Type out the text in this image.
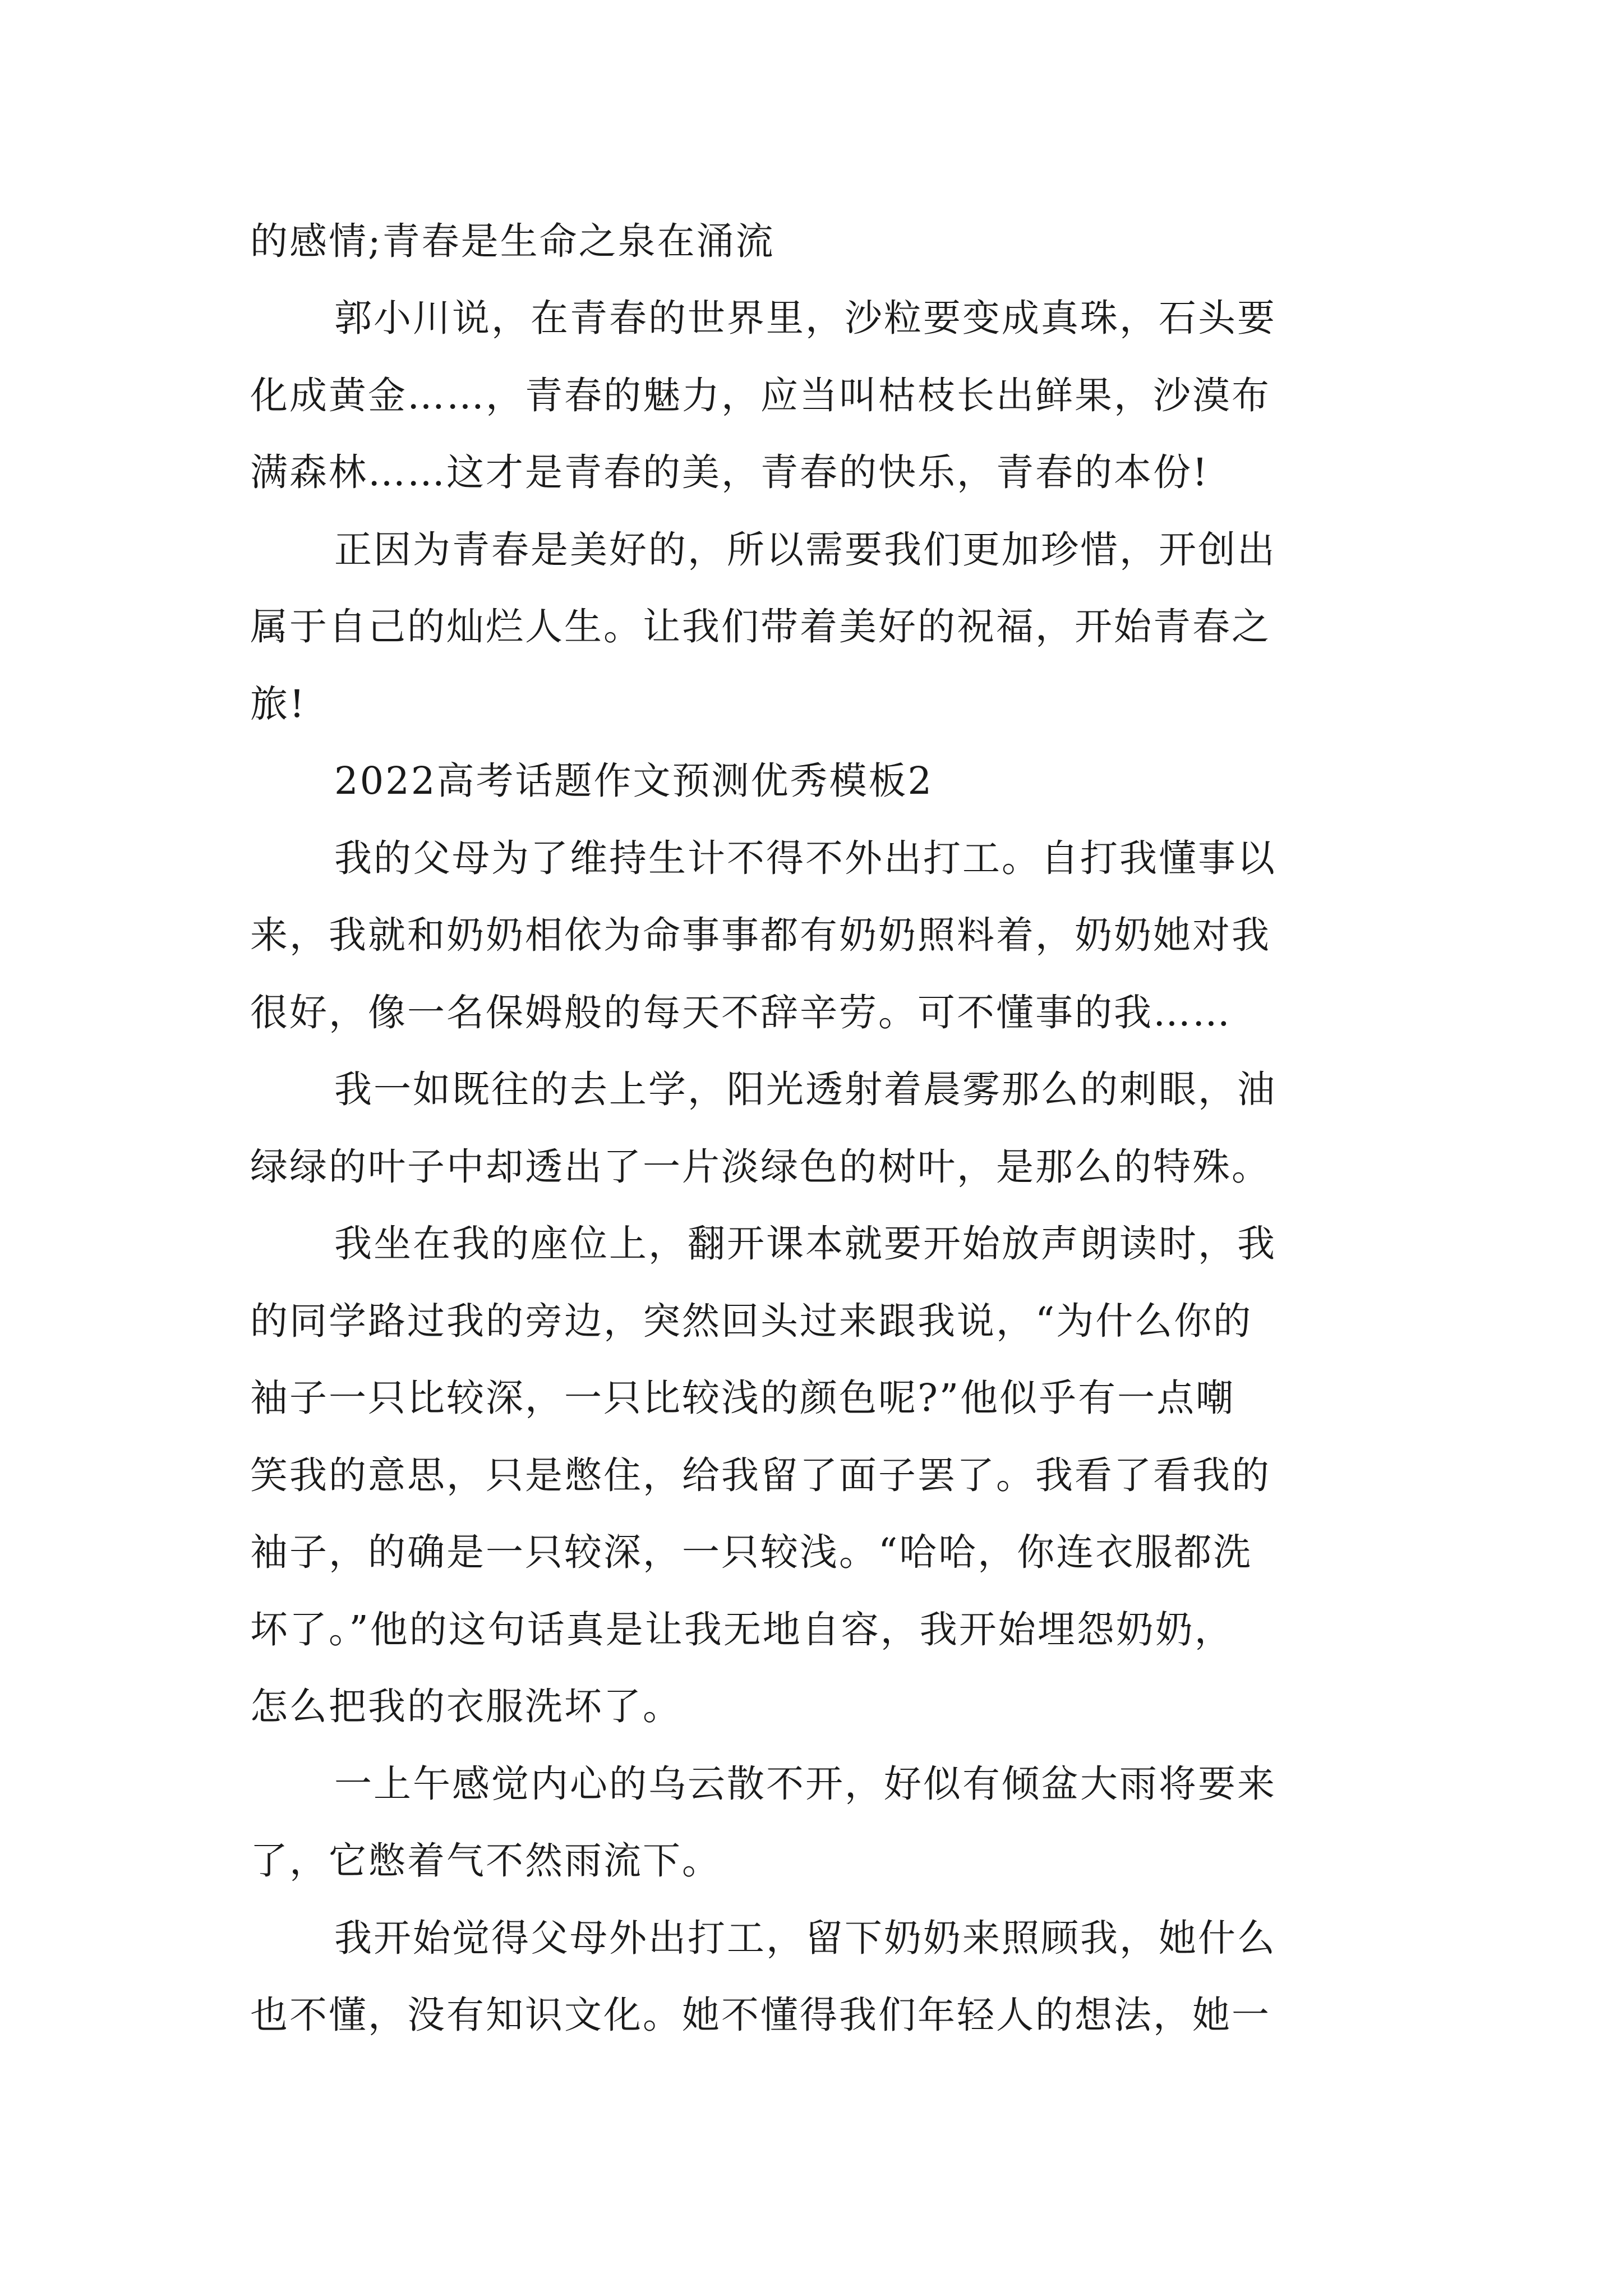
的感情;青春是生命之泉在涌流
郭小川说，在青春的世界里，沙粒要变成真珠，石头要
化成黄金……，青春的魅力，应当叫枯枝长出鲜果，沙漠布
满森林……这才是青春的美，青春的快乐，青春的本份!
正因为青春是美好的，所以需要我们更加珍惜，开创出
属于自己的灿烂人生。让我们带着美好的祝福，开始青春之
旅!
2022高考话题作文预测优秀模板2
我的父母为了维持生计不得不外出打工。自打我懂事以
来，我就和奶奶相依为命事事都有奶奶照料着，奶奶她对我
很好，像一名保姆般的每天不辞辛劳。可不懂事的我……
我一如既往的去上学，阳光透射着晨雾那么的刺眼，油
绿绿的叶子中却透出了一片淡绿色的树叶，是那么的特殊。
我坐在我的座位上，翻开课本就要开始放声朗读时，我
的同学路过我的旁边，突然回头过来跟我说，“为什么你的
袖子一只比较深，一只比较浅的颜色呢?”他似乎有一点嘲
笑我的意思，只是憋住，给我留了面子罢了。我看了看我的
袖子，的确是一只较深，一只较浅。“哈哈，你连衣服都洗
坏了。”他的这句话真是让我无地自容，我开始埋怨奶奶，
怎么把我的衣服洗坏了。
一上午感觉内心的乌云散不开，好似有倾盆大雨将要来
了，它憋着气不然雨流下。
我开始觉得父母外出打工，留下奶奶来照顾我，她什么
也不懂，没有知识文化。她不懂得我们年轻人的想法，她一
